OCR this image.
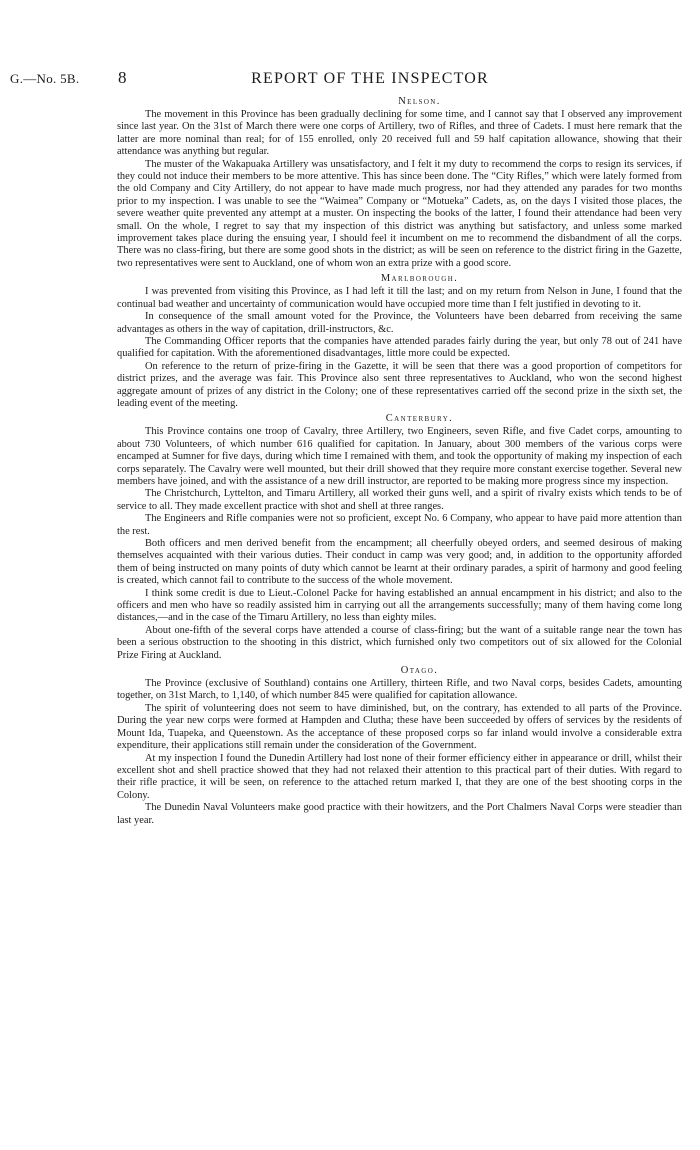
G.—No. 5B. 8	REPORT OF THE INSPECTOR
Nelson.

The movement in this Province has been gradually declining for some time, and I cannot say that I observed any improvement since last year. On the 31st of March there were one corps of Artillery, two of Rifles, and three of Cadets. I must here remark that the latter are more nominal than real; for of 155 enrolled, only 20 received full and 59 half capitation allowance, showing that their attendance was anything but regular.

The muster of the Wakapuaka Artillery was unsatisfactory, and I felt it my duty to recommend the corps to resign its services, if they could not induce their members to be more attentive. This has since been done. The “City Rifles,” which were lately formed from the old Company and City Artillery, do not appear to have made much progress, nor had they attended any parades for two months prior to my inspection. I was unable to see the “Waimea” Company or “Motueka” Cadets, as, on the days I visited those places, the severe weather quite prevented any attempt at a muster. On inspecting the books of the latter, I found their attendance had been very small. On the whole, I regret to say that my inspection of this district was anything but satisfactory, and unless some marked improvement takes place during the ensuing year, I should feel it incumbent on me to recommend the disbandment of all the corps. There was no class-firing, but there are some good shots in the district; as will be seen on reference to the district firing in the Gazette, two representatives were sent to Auckland, one of whom won an extra prize with a good score.

Marlborough.

I was prevented from visiting this Province, as I had left it till the last; and on my return from Nelson in June, I found that the continual bad weather and uncertainty of communication would have occupied more time than I felt justified in devoting to it.

In consequence of the small amount voted for the Province, the Volunteers have been debarred from receiving the same advantages as others in the way of capitation, drill-instructors, &c.

The Commanding Officer reports that the companies have attended parades fairly during the year, but only 78 out of 241 have qualified for capitation. With the aforementioned disadvantages, little more could be expected.

On reference to the return of prize-firing in the Gazette, it will be seen that there was a good proportion of competitors for district prizes, and the average was fair. This Province also sent three representatives to Auckland, who won the second highest aggregate amount of prizes of any district in the Colony; one of these representatives carried off the second prize in the sixth set, the leading event of the meeting.

Canterbury.

This Province contains one troop of Cavalry, three Artillery, two Engineers, seven Rifle, and five Cadet corps, amounting to about 730 Volunteers, of which number 616 qualified for capitation. In January, about 300 members of the various corps were encamped at Sumner for five days, during which time I remained with them, and took the opportunity of making my inspection of each corps separately. The Cavalry were well mounted, but their drill showed that they require more constant exercise together. Several new members have joined, and with the assistance of a new drill instructor, are reported to be making more progress since my inspection.

The Christchurch, Lyttelton, and Timaru Artillery, all worked their guns well, and a spirit of rivalry exists which tends to be of service to all. They made excellent practice with shot and shell at three ranges.

The Engineers and Rifle companies were not so proficient, except No. 6 Company, who appear to have paid more attention than the rest.

Both officers and men derived benefit from the encampment; all cheerfully obeyed orders, and seemed desirous of making themselves acquainted with their various duties. Their conduct in camp was very good; and, in addition to the opportunity afforded them of being instructed on many points of duty which cannot be learnt at their ordinary parades, a spirit of harmony and good feeling is created, which cannot fail to contribute to the success of the whole movement.

I think some credit is due to Lieut.-Colonel Packe for having established an annual encampment in his district; and also to the officers and men who have so readily assisted him in carrying out all the arrangements successfully; many of them having come long distances,—and in the case of the Timaru Artillery, no less than eighty miles.

About one-fifth of the several corps have attended a course of class-firing; but the want of a suitable range near the town has been a serious obstruction to the shooting in this district, which furnished only two competitors out of six allowed for the Colonial Prize Firing at Auckland.

Otago.

The Province (exclusive of Southland) contains one Artillery, thirteen Rifle, and two Naval corps, besides Cadets, amounting together, on 31st March, to 1,140, of which number 845 were qualified for capitation allowance.

The spirit of volunteering does not seem to have diminished, but, on the contrary, has extended to all parts of the Province. During the year new corps were formed at Hampden and Clutha; these have been succeeded by offers of services by the residents of Mount Ida, Tuapeka, and Queenstown. As the acceptance of these proposed corps so far inland would involve a considerable extra expenditure, their applications still remain under the consideration of the Government.

At my inspection I found the Dunedin Artillery had lost none of their former efficiency either in appearance or drill, whilst their excellent shot and shell practice showed that they had not relaxed their attention to this practical part of their duties. With regard to their rifle practice, it will be seen, on reference to the attached return marked I, that they are one of the best shooting corps in the Colony.

The Dunedin Naval Volunteers make good practice with their howitzers, and the Port Chalmers Naval Corps were steadier than last year.
